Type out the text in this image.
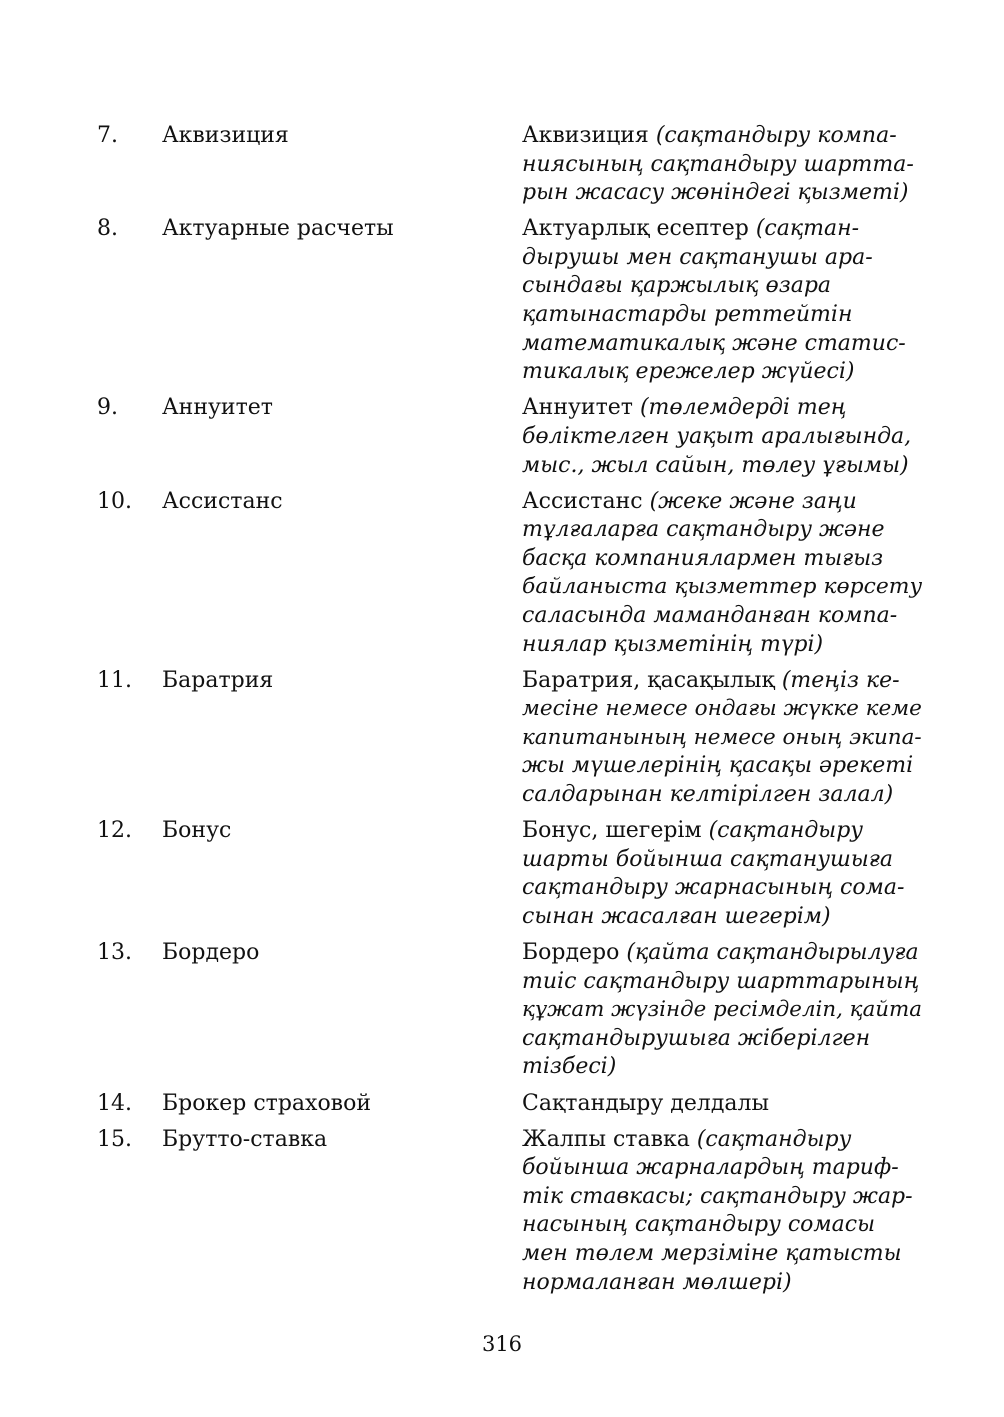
7.	Аквизиция	Аквизиция (сақтандыру компа-
ниясының сақтандыру шартта-
рын жасасу жөніндегі қызметі)
8.	Актуарные расчеты	Актуарлық есептер (сақтан-
дырушы мен сақтанушы ара-
сындағы қаржылық өзара
қатынастарды реттейтін
математикалық және статис-
тикалық ережелер жүйесі)
9.	Аннуитет	Аннуитет (төлемдерді тең
бөліктелген уақыт аралығында,
мыс., жыл сайын, төлеу ұғымы)
10.	Ассистанс	Ассистанс (жеке және заңи
тұлғаларға сақтандыру және
басқа компаниялармен тығыз
байланыста қызметтер көрсету
саласында маманданған компа-
ниялар қызметінің түрі)
11.	Баратрия	Баратрия, қасақылық (теңіз ке-
месіне немесе ондағы жүкке кеме
капитанының немесе оның экипа-
жы мүшелерінің қасақы әрекеті
салдарынан келтірілген залал)
12.	Бонус	Бонус, шегерім (сақтандыру
шарты бойынша сақтанушыға
сақтандыру жарнасының сома-
сынан жасалған шегерім)
13.	Бордеро	Бордеро (қайта сақтандырылуға
тиіс сақтандыру шарттарының
құжат жүзінде ресімделіп, қайта
сақтандырушыға жіберілген
тізбесі)
14.	Брокер страховой	Сақтандыру делдалы
15.	Брутто-ставка	Жалпы ставка (сақтандыру
бойынша жарналардың тариф-
тік ставкасы; сақтандыру жар-
насының сақтандыру сомасы
мен төлем мерзіміне қатысты
нормаланған мөлшері)
316
